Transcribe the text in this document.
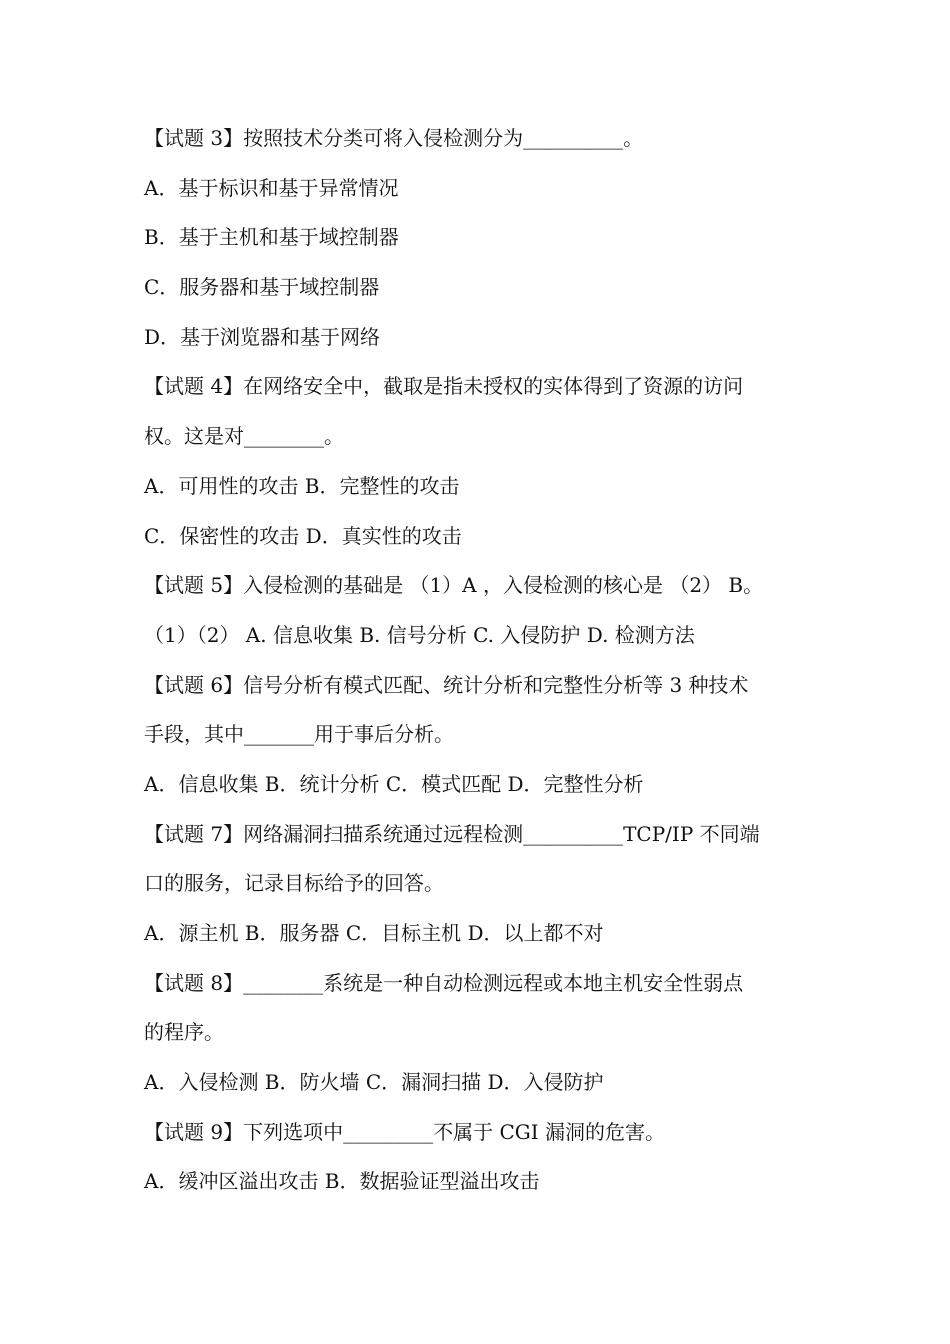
【试题 3】按照技术分类可将入侵检测分为__________。
A．基于标识和基于异常情况
B．基于主机和基于域控制器
C．服务器和基于域控制器
D．基于浏览器和基于网络
【试题 4】在网络安全中，截取是指未授权的实体得到了资源的访问
权。这是对________。
A．可用性的攻击 B．完整性的攻击
C．保密性的攻击 D．真实性的攻击
【试题 5】入侵检测的基础是 （1）A ，入侵检测的核心是 （2） B。
（1）（2） A. 信息收集 B. 信号分析 C. 入侵防护 D. 检测方法
【试题 6】信号分析有模式匹配、统计分析和完整性分析等 3 种技术
手段，其中_______用于事后分析。
A．信息收集 B．统计分析 C．模式匹配 D．完整性分析
【试题 7】网络漏洞扫描系统通过远程检测__________TCP/IP 不同端
口的服务，记录目标给予的回答。
A．源主机 B．服务器 C．目标主机 D．以上都不对
【试题 8】________系统是一种自动检测远程或本地主机安全性弱点
的程序。
A．入侵检测 B．防火墙 C．漏洞扫描 D．入侵防护
【试题 9】下列选项中_________不属于 CGI 漏洞的危害。
A．缓冲区溢出攻击 B．数据验证型溢出攻击
